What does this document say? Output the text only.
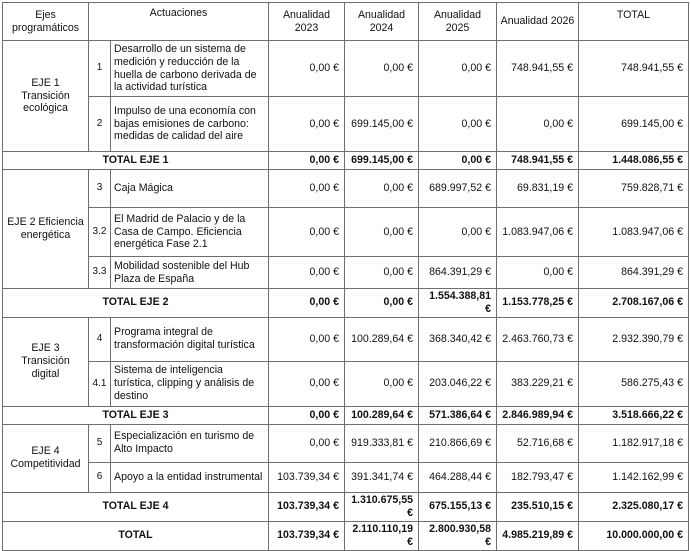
Ejes programáticos	Actuaciones		Anualidad 2023	Anualidad 2024	Anualidad 2025	Anualidad 2026	TOTAL
EJE 1 Transición ecológica	1	Desarrollo de un sistema de medición y reducción de la huella de carbono derivada de la actividad turística	0,00 €	0,00 €	0,00 €	748.941,55 €	748.941,55 €
	2	Impulso de una economía con bajas emisiones de carbono: medidas de calidad del aire	0,00 €	699.145,00 €	0,00 €	0,00 €	699.145,00 €
TOTAL EJE 1			0,00 €	699.145,00 €	0,00 €	748.941,55 €	1.448.086,55 €
EJE 2 Eficiencia energética	3	Caja Mágica	0,00 €	0,00 €	689.997,52 €	69.831,19 €	759.828,71 €
	3.2	El Madrid de Palacio y de la Casa de Campo. Eficiencia energética Fase 2.1	0,00 €	0,00 €	0,00 €	1.083.947,06 €	1.083.947,06 €
	3.3	Mobilidad sostenible del Hub Plaza de España	0,00 €	0,00 €	864.391,29 €	0,00 €	864.391,29 €
TOTAL EJE 2			0,00 €	0,00 €	1.554.388,81 €	1.153.778,25 €	2.708.167,06 €
EJE 3 Transición digital	4	Programa integral de transformación digital turística	0,00 €	100.289,64 €	368.340,42 €	2.463.760,73 €	2.932.390,79 €
	4.1	Sistema de inteligencia turística, clipping y análisis de destino	0,00 €	0,00 €	203.046,22 €	383.229,21 €	586.275,43 €
TOTAL EJE 3			0,00 €	100.289,64 €	571.386,64 €	2.846.989,94 €	3.518.666,22 €
EJE 4 Competitividad	5	Especialización en turismo de Alto Impacto	0,00 €	919.333,81 €	210.866,69 €	52.716,68 €	1.182.917,18 €
	6	Apoyo a la entidad instrumental	103.739,34 €	391.341,74 €	464.288,44 €	182.793,47 €	1.142.162,99 €
TOTAL EJE 4			103.739,34 €	1.310.675,55 €	675.155,13 €	235.510,15 €	2.325.080,17 €
TOTAL			103.739,34 €	2.110.110,19 €	2.800.930,58 €	4.985.219,89 €	10.000.000,00 €
